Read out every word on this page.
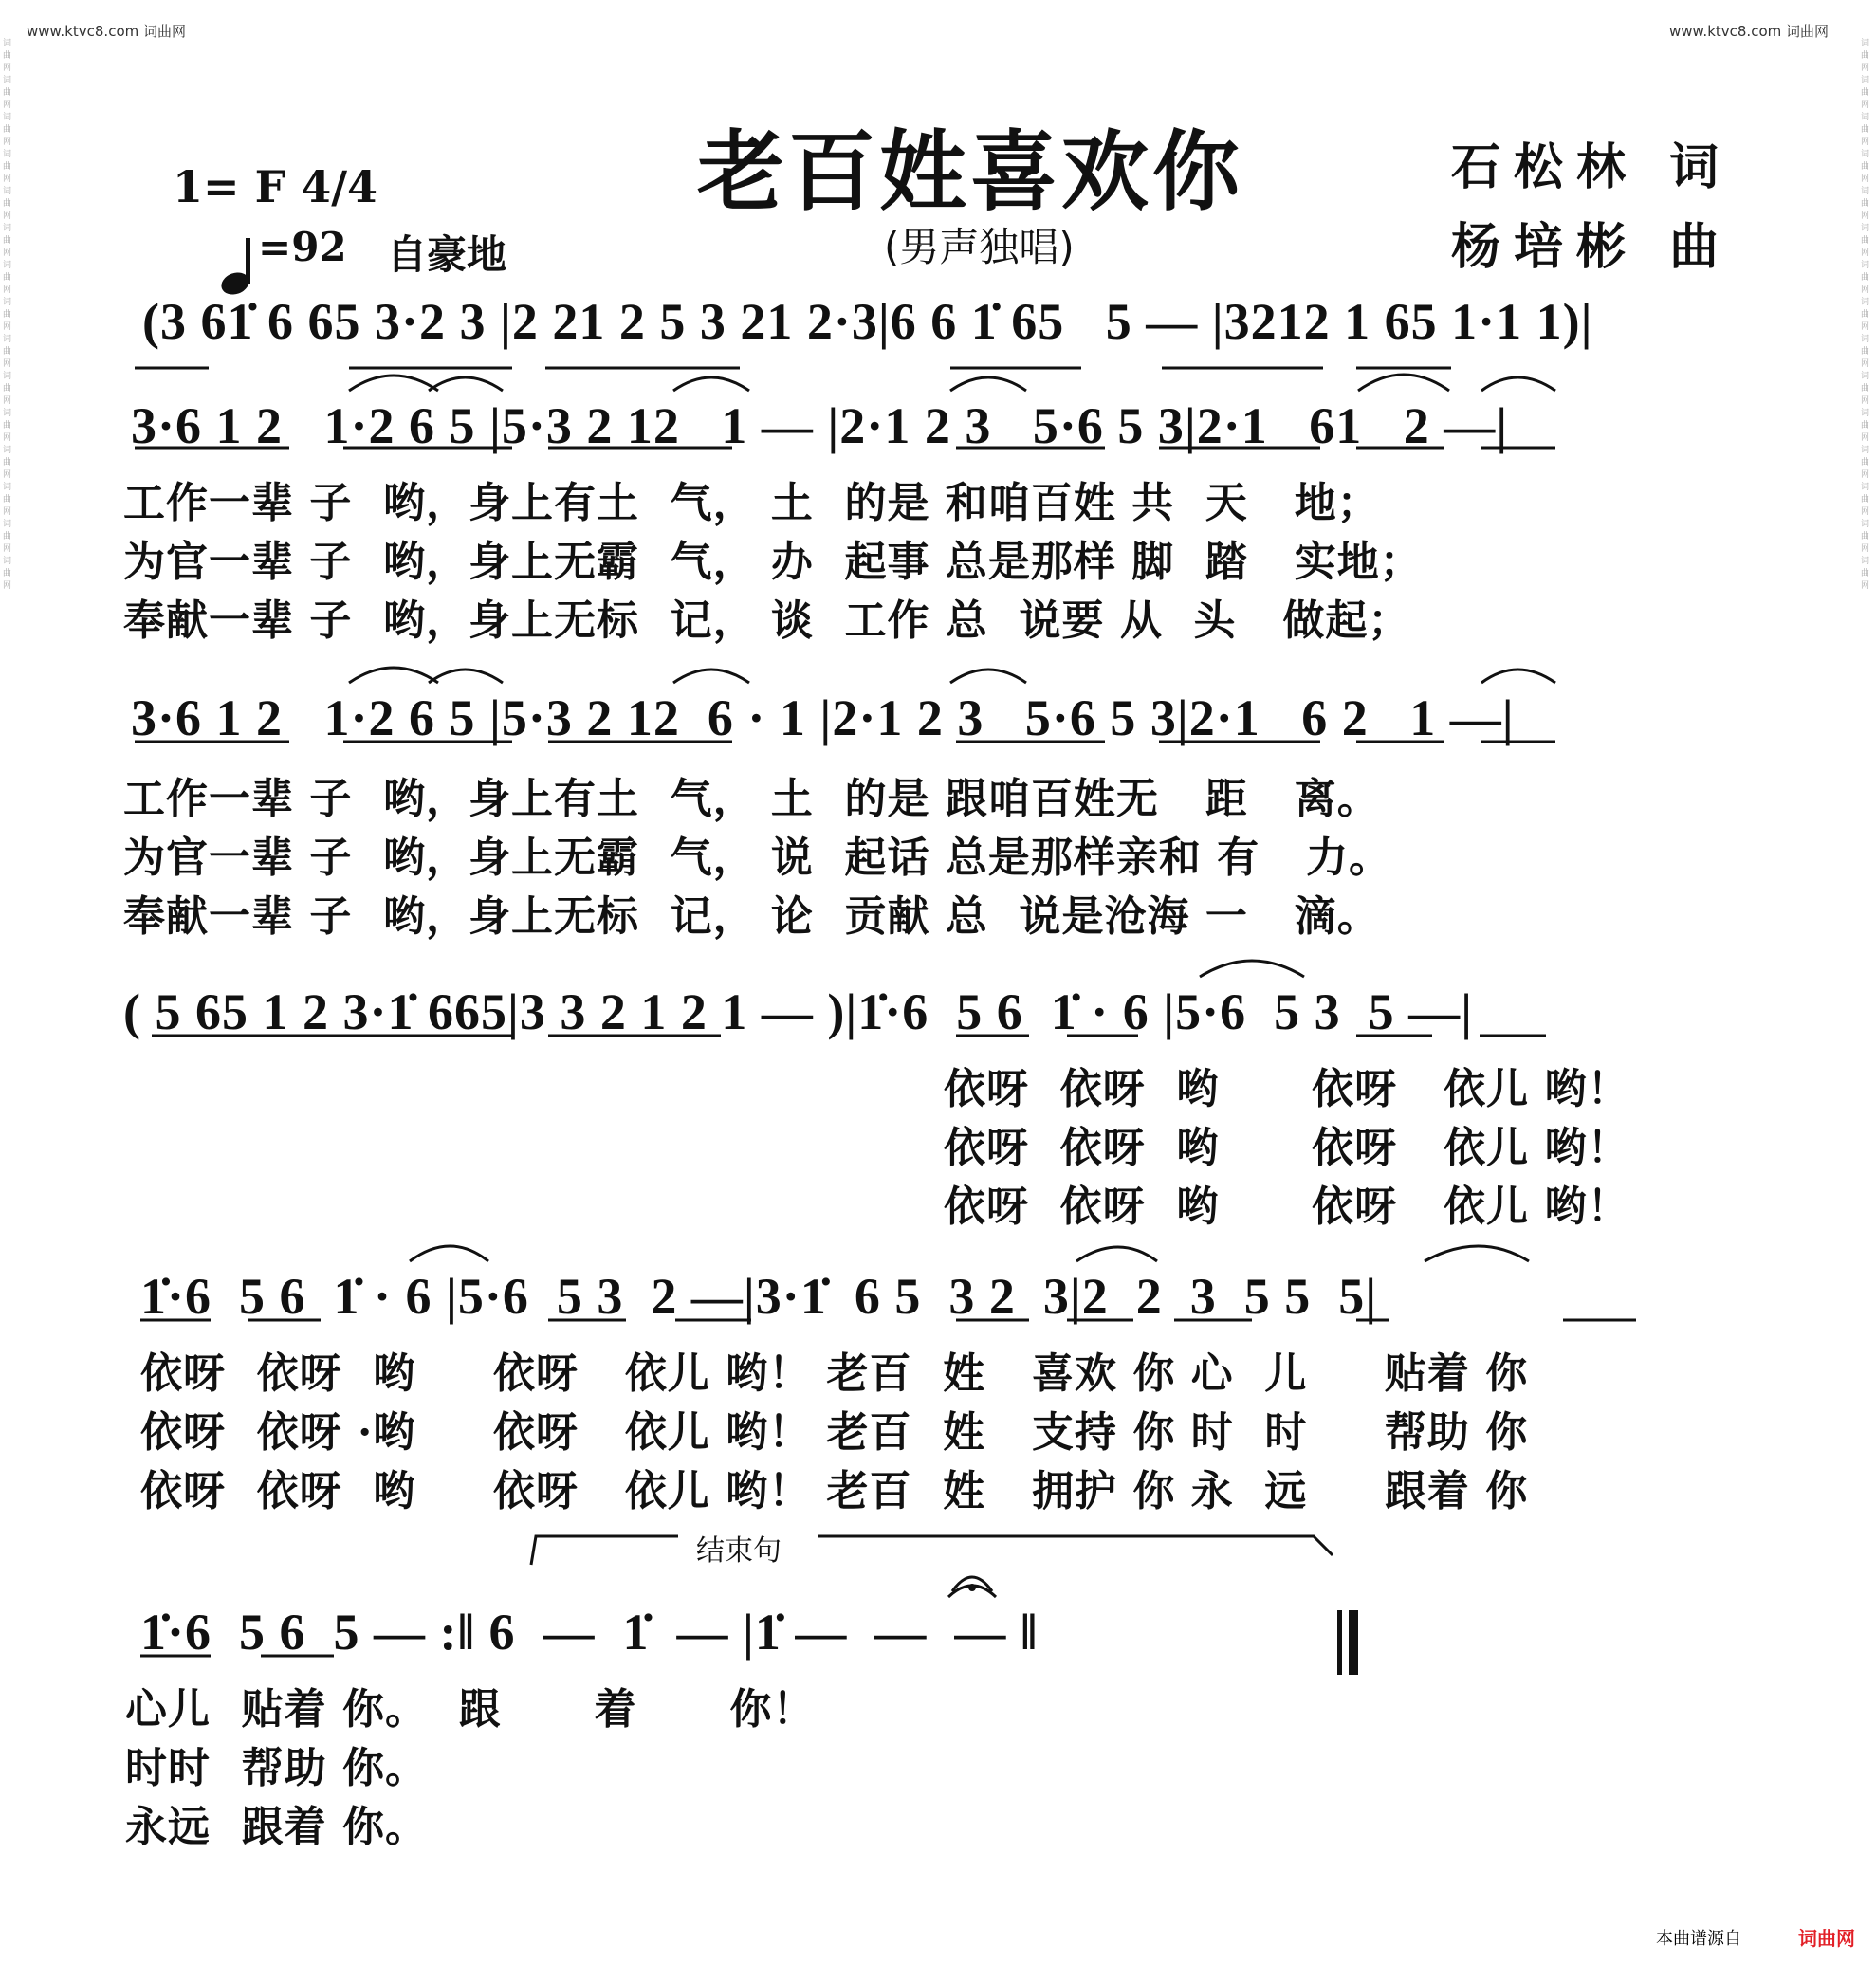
www.ktvc8.com 词曲网	www.ktvc8.com 词曲网
词曲网词曲网词曲网词曲网词曲网词曲网词曲网词曲网词曲网词曲网词曲网词曲网词曲网词曲网词曲网
词曲网词曲网词曲网词曲网词曲网词曲网词曲网词曲网词曲网词曲网词曲网词曲网词曲网词曲网词曲网
1= F 4/4

=92 自豪地
老百姓喜欢你
(男声独唱)
石松林 词
杨培彬 曲
(3 61̇ 6 65 3·2 3 |2 21 2 5 3 21 2·3|6 6 1̇ 65   5 — |3212 1 65 1·1 1)|
3·6 1 2   1·2 6 5 |5·3 2 12   1 — |2·1 2 3   5·6 5 3|2·1   61   2 —|
工作一辈 子  哟，身上有土  气， 土  的是 和咱百姓 共  天   地；
为官一辈 子  哟，身上无霸  气， 办  起事 总是那样 脚  踏   实地；
奉献一辈 子  哟，身上无标  记， 谈  工作 总  说要 从  头   做起；
3·6 1 2   1·2 6 5 |5·3 2 12  6 · 1 |2·1 2 3   5·6 5 3|2·1   6 2   1 —|
工作一辈 子  哟，身上有土  气， 土  的是 跟咱百姓无   距   离。
为官一辈 子  哟，身上无霸  气， 说  起话 总是那样亲和 有   力。
奉献一辈 子  哟，身上无标  记， 论  贡献 总  说是沧海 一   滴。
( 5 65 1 2 3·1̇ 665|3 3 2 1 2 1 — )|1̇·6  5 6  1̇ · 6 |5·6  5 3  5 —|
依呀  依呀  哟      依呀   依儿 哟！
依呀  依呀  哟      依呀   依儿 哟！
依呀  依呀  哟      依呀   依儿 哟！
1̇·6  5 6  1̇ · 6 |5·6  5 3  2 —|3·1̇  6 5  3 2  3|2  2  3  5 5  5|
依呀  依呀  哟     依呀   依儿 哟！ 老百  姓   喜欢 你 心  儿     贴着 你
依呀  依呀 ·哟     依呀   依儿 哟！ 老百  姓   支持 你 时  时     帮助 你
依呀  依呀  哟     依呀   依儿 哟！ 老百  姓   拥护 你 永  远     跟着 你
结束句
1̇·6  5 6  5 — :‖ 6  —  1̇  — |1̇ —  —  — ‖
心儿  贴着 你。  跟      着      你！
时时  帮助 你。
永远  跟着 你。
本曲谱源自	词曲网
